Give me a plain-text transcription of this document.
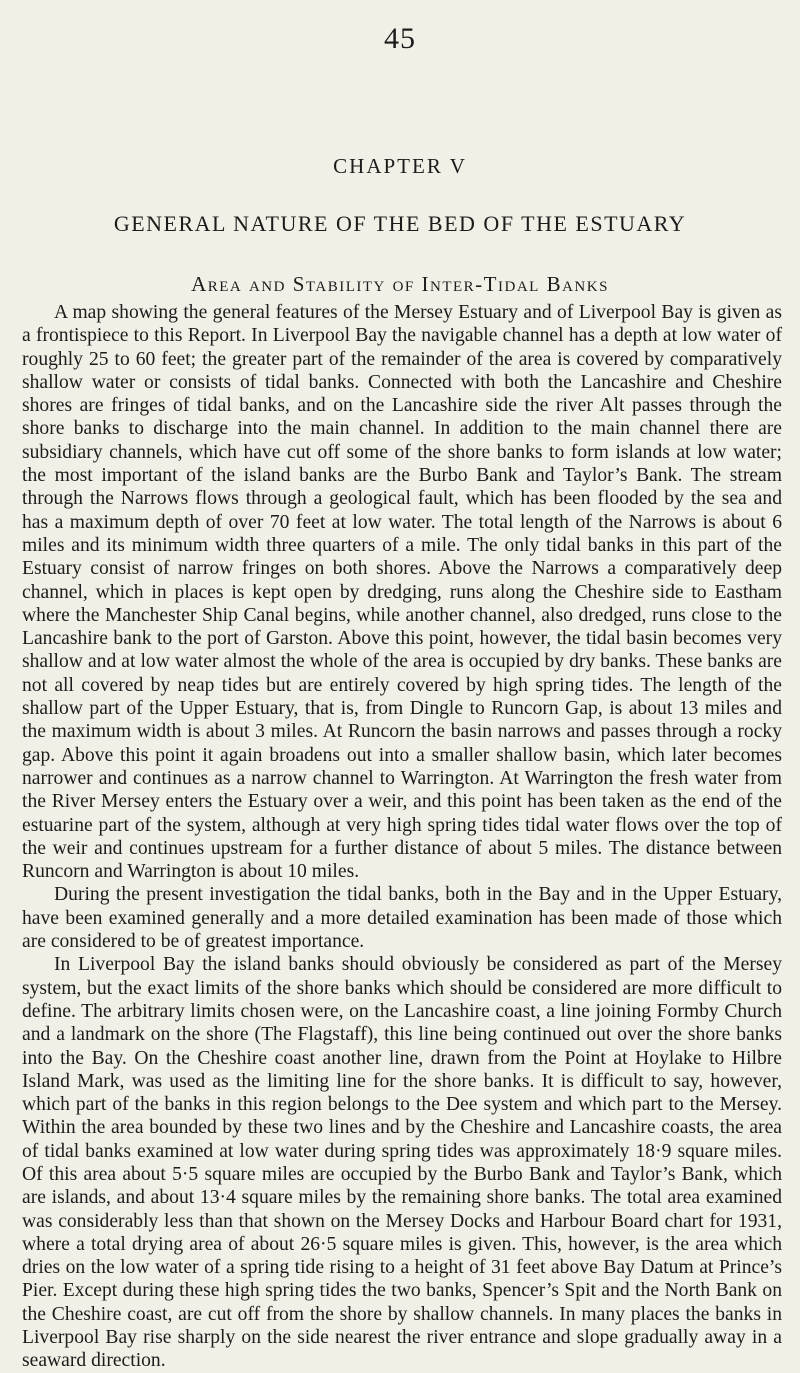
45
CHAPTER V
GENERAL NATURE OF THE BED OF THE ESTUARY
Area and Stability of Inter-Tidal Banks

A map showing the general features of the Mersey Estuary and of Liverpool Bay is given as a frontispiece to this Report. In Liverpool Bay the navigable channel has a depth at low water of roughly 25 to 60 feet; the greater part of the remainder of the area is covered by comparatively shallow water or consists of tidal banks. Connected with both the Lancashire and Cheshire shores are fringes of tidal banks, and on the Lancashire side the river Alt passes through the shore banks to discharge into the main channel. In addition to the main channel there are subsidiary channels, which have cut off some of the shore banks to form islands at low water; the most important of the island banks are the Burbo Bank and Taylor’s Bank. The stream through the Narrows flows through a geological fault, which has been flooded by the sea and has a maximum depth of over 70 feet at low water. The total length of the Narrows is about 6 miles and its minimum width three quarters of a mile. The only tidal banks in this part of the Estuary consist of narrow fringes on both shores. Above the Narrows a comparatively deep channel, which in places is kept open by dredging, runs along the Cheshire side to Eastham where the Manchester Ship Canal begins, while another channel, also dredged, runs close to the Lancashire bank to the port of Garston. Above this point, however, the tidal basin becomes very shallow and at low water almost the whole of the area is occupied by dry banks. These banks are not all covered by neap tides but are entirely covered by high spring tides. The length of the shallow part of the Upper Estuary, that is, from Dingle to Runcorn Gap, is about 13 miles and the maximum width is about 3 miles. At Runcorn the basin narrows and passes through a rocky gap. Above this point it again broadens out into a smaller shallow basin, which later becomes narrower and continues as a narrow channel to Warrington. At Warrington the fresh water from the River Mersey enters the Estuary over a weir, and this point has been taken as the end of the estuarine part of the system, although at very high spring tides tidal water flows over the top of the weir and continues upstream for a further distance of about 5 miles. The distance between Runcorn and Warrington is about 10 miles.

During the present investigation the tidal banks, both in the Bay and in the Upper Estuary, have been examined generally and a more detailed examination has been made of those which are considered to be of greatest importance.

In Liverpool Bay the island banks should obviously be considered as part of the Mersey system, but the exact limits of the shore banks which should be considered are more difficult to define. The arbitrary limits chosen were, on the Lancashire coast, a line joining Formby Church and a landmark on the shore (The Flagstaff), this line being continued out over the shore banks into the Bay. On the Cheshire coast another line, drawn from the Point at Hoylake to Hilbre Island Mark, was used as the limiting line for the shore banks. It is difficult to say, however, which part of the banks in this region belongs to the Dee system and which part to the Mersey. Within the area bounded by these two lines and by the Cheshire and Lancashire coasts, the area of tidal banks examined at low water during spring tides was approximately 18·9 square miles. Of this area about 5·5 square miles are occupied by the Burbo Bank and Taylor’s Bank, which are islands, and about 13·4 square miles by the remaining shore banks. The total area examined was considerably less than that shown on the Mersey Docks and Harbour Board chart for 1931, where a total drying area of about 26·5 square miles is given. This, however, is the area which dries on the low water of a spring tide rising to a height of 31 feet above Bay Datum at Prince’s Pier. Except during these high spring tides the two banks, Spencer’s Spit and the North Bank on the Cheshire coast, are cut off from the shore by shallow channels. In many places the banks in Liverpool Bay rise sharply on the side nearest the river entrance and slope gradually away in a seaward direction.
